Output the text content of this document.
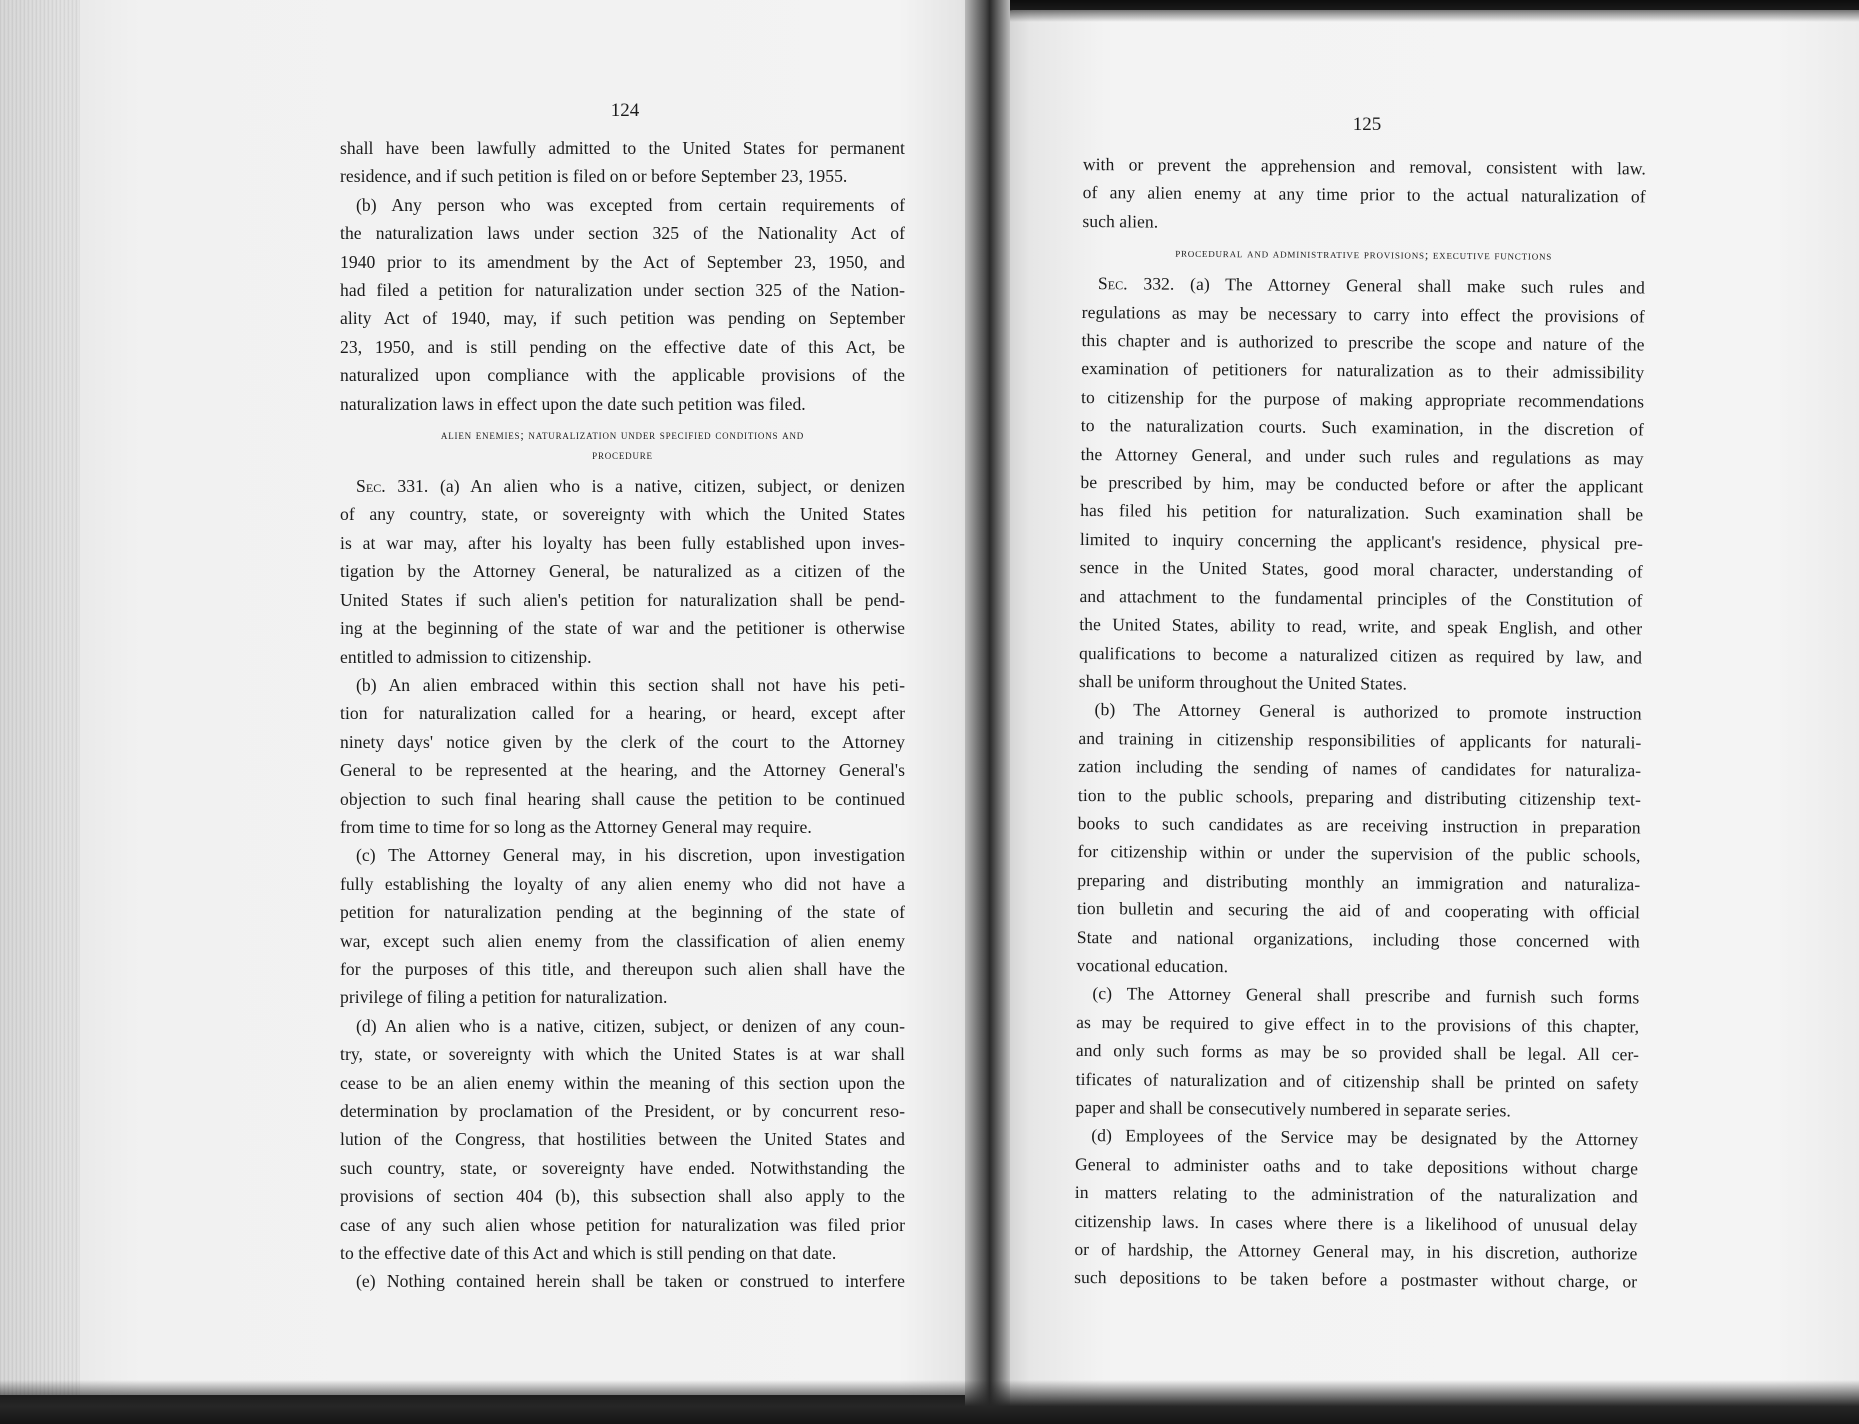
124

shall have been lawfully admitted to the United States for permanent

residence, and if such petition is filed on or before September 23, 1955.

(b) Any person who was excepted from certain requirements of

the naturalization laws under section 325 of the Nationality Act of

1940 prior to its amendment by the Act of September 23, 1950, and

had filed a petition for naturalization under section 325 of the Nation-

ality Act of 1940, may, if such petition was pending on September

23, 1950, and is still pending on the effective date of this Act, be

naturalized upon compliance with the applicable provisions of the

naturalization laws in effect upon the date such petition was filed.

alien enemies; naturalization under specified conditions and
procedure

Sec. 331. (a) An alien who is a native, citizen, subject, or denizen

of any country, state, or sovereignty with which the United States

is at war may, after his loyalty has been fully established upon inves-

tigation by the Attorney General, be naturalized as a citizen of the

United States if such alien's petition for naturalization shall be pend-

ing at the beginning of the state of war and the petitioner is otherwise

entitled to admission to citizenship.

(b) An alien embraced within this section shall not have his peti-

tion for naturalization called for a hearing, or heard, except after

ninety days' notice given by the clerk of the court to the Attorney

General to be represented at the hearing, and the Attorney General's

objection to such final hearing shall cause the petition to be continued

from time to time for so long as the Attorney General may require.

(c) The Attorney General may, in his discretion, upon investigation

fully establishing the loyalty of any alien enemy who did not have a

petition for naturalization pending at the beginning of the state of

war, except such alien enemy from the classification of alien enemy

for the purposes of this title, and thereupon such alien shall have the

privilege of filing a petition for naturalization.

(d) An alien who is a native, citizen, subject, or denizen of any coun-

try, state, or sovereignty with which the United States is at war shall

cease to be an alien enemy within the meaning of this section upon the

determination by proclamation of the President, or by concurrent reso-

lution of the Congress, that hostilities between the United States and

such country, state, or sovereignty have ended. Notwithstanding the

provisions of section 404 (b), this subsection shall also apply to the

case of any such alien whose petition for naturalization was filed prior

to the effective date of this Act and which is still pending on that date.

(e) Nothing contained herein shall be taken or construed to interfere

125

with or prevent the apprehension and removal, consistent with law.

of any alien enemy at any time prior to the actual naturalization of

such alien.

procedural and administrative provisions; executive functions

Sec. 332. (a) The Attorney General shall make such rules and

regulations as may be necessary to carry into effect the provisions of

this chapter and is authorized to prescribe the scope and nature of the

examination of petitioners for naturalization as to their admissibility

to citizenship for the purpose of making appropriate recommendations

to the naturalization courts. Such examination, in the discretion of

the Attorney General, and under such rules and regulations as may

be prescribed by him, may be conducted before or after the applicant

has filed his petition for naturalization. Such examination shall be

limited to inquiry concerning the applicant's residence, physical pre-

sence in the United States, good moral character, understanding of

and attachment to the fundamental principles of the Constitution of

the United States, ability to read, write, and speak English, and other

qualifications to become a naturalized citizen as required by law, and

shall be uniform throughout the United States.

(b) The Attorney General is authorized to promote instruction

and training in citizenship responsibilities of applicants for naturali-

zation including the sending of names of candidates for naturaliza-

tion to the public schools, preparing and distributing citizenship text-

books to such candidates as are receiving instruction in preparation

for citizenship within or under the supervision of the public schools,

preparing and distributing monthly an immigration and naturaliza-

tion bulletin and securing the aid of and cooperating with official

State and national organizations, including those concerned with

vocational education.

(c) The Attorney General shall prescribe and furnish such forms

as may be required to give effect in to the provisions of this chapter,

and only such forms as may be so provided shall be legal. All cer-

tificates of naturalization and of citizenship shall be printed on safety

paper and shall be consecutively numbered in separate series.

(d) Employees of the Service may be designated by the Attorney

General to administer oaths and to take depositions without charge

in matters relating to the administration of the naturalization and

citizenship laws. In cases where there is a likelihood of unusual delay

or of hardship, the Attorney General may, in his discretion, authorize

such depositions to be taken before a postmaster without charge, or
